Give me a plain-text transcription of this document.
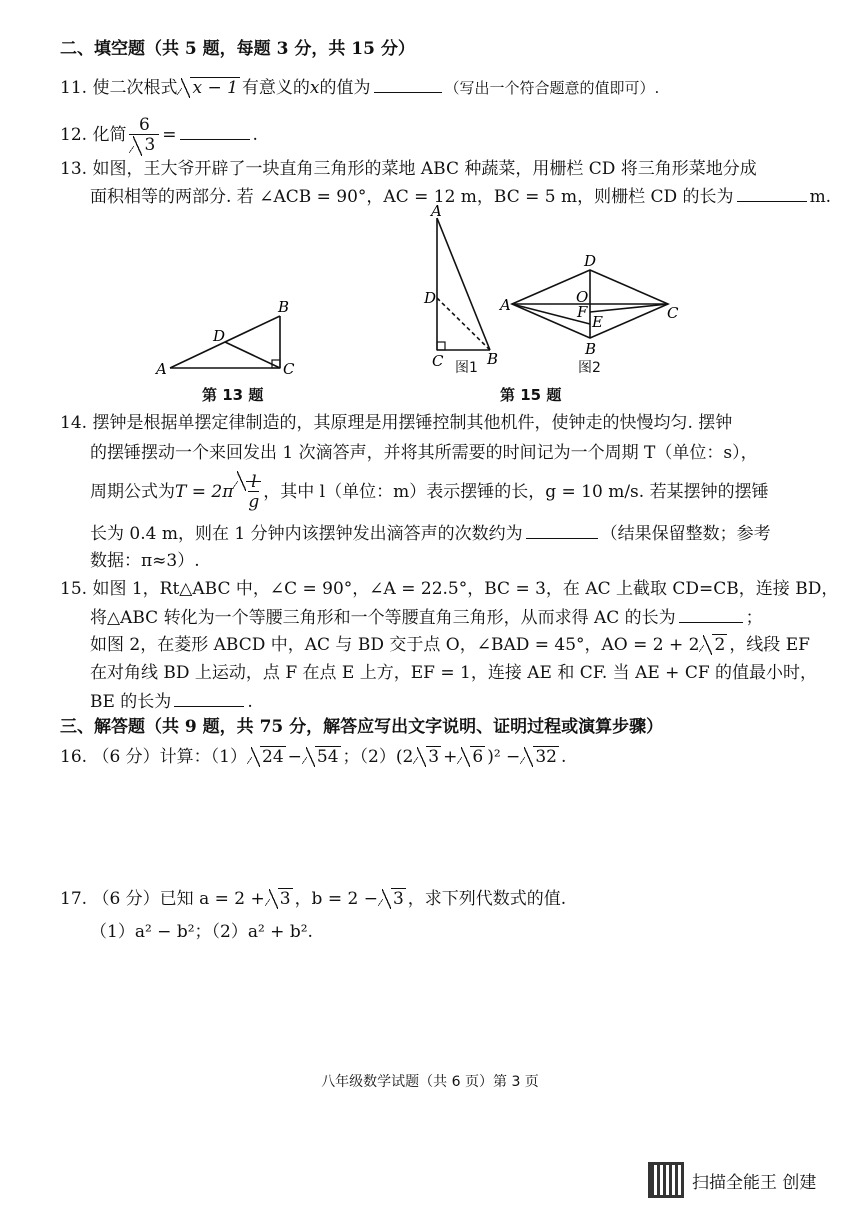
二、填空题（共 5 题，每题 3 分，共 15 分）
11. 使二次根式 x − 1 有意义的x的值为	（写出一个符合题意的值即可）.
12. 化简 $\frac{6}{3}$ =	.
13. 如图，王大爷开辟了一块直角三角形的菜地 ABC 种蔬菜，用栅栏 CD 将三角形菜地分成
面积相等的两部分. 若 ∠ACB = 90°，AC = 12 m，BC = 5 m，则栅栏 CD 的长为	m.
A
B
C
D
A
B
C
D	A
B
C
D
O
E
F
图1	图2
第 13 题	第 15 题
14. 摆钟是根据单摆定律制造的，其原理是用摆锤控制其他机件，使钟走的快慢均匀. 摆钟
的摆锤摆动一个来回发出 1 次滴答声，并将其所需要的时间记为一个周期 T（单位：s），
周期公式为$T = 2\pi \frac{l}{g}$ ，其中 l（单位：m）表示摆锤的长，g = 10 m/s. 若某摆钟的摆锤
长为 0.4 m，则在 1 分钟内该摆钟发出滴答声的次数约为	（结果保留整数；参考
数据：π≈3）.
15. 如图 1，Rt△ABC 中，∠C = 90°，∠A = 22.5°，BC = 3，在 AC 上截取 CD=CB，连接 BD，
将△ABC 转化为一个等腰三角形和一个等腰直角三角形，从而求得 AC 的长为	；
如图 2，在菱形 ABCD 中，AC 与 BD 交于点 O，∠BAD = 45°，AO = 2 + 2 2 ，线段 EF
在对角线 BD 上运动，点 F 在点 E 上方，EF = 1，连接 AE 和 CF. 当 AE + CF 的值最小时，
BE 的长为	.
三、解答题（共 9 题，共 75 分，解答应写出文字说明、证明过程或演算步骤）
16. （6 分）计算：（1） 24 − 54 ；（2）(2 3 + 6 )² − 32 .
17. （6 分）已知 a = 2 + 3 ，b = 2 − 3 ，求下列代数式的值.
（1）a² − b²；（2）a² + b².
八年级数学试题（共 6 页）第 3 页
扫描全能王 创建
